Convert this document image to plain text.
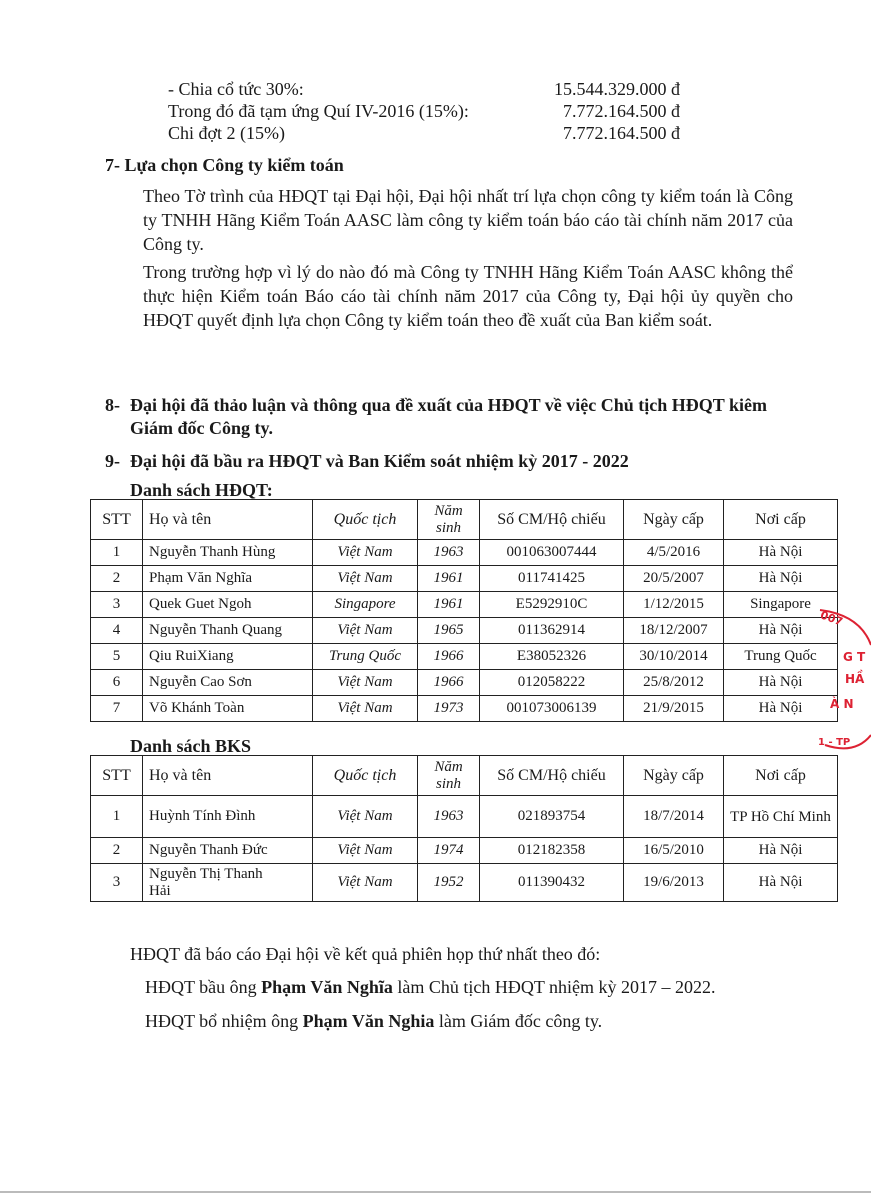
- Chia cổ tức 30%:	15.544.329.000 đ
Trong đó đã tạm ứng Quí IV-2016 (15%):	7.772.164.500 đ
Chi đợt 2 (15%)	7.772.164.500 đ
7- Lựa chọn Công ty kiểm toán
Theo Tờ trình của HĐQT tại Đại hội, Đại hội nhất trí lựa chọn công ty kiểm toán là Công ty TNHH Hãng Kiểm Toán AASC làm công ty kiểm toán báo cáo tài chính năm 2017 của Công ty.
Trong trường hợp vì lý do nào đó mà Công ty TNHH Hãng Kiểm Toán AASC không thể thực hiện Kiểm toán Báo cáo tài chính năm 2017 của Công ty, Đại hội ủy quyền cho HĐQT quyết định lựa chọn Công ty kiểm toán theo đề xuất của Ban kiểm soát.
8- Đại hội đã thảo luận và thông qua đề xuất của HĐQT về việc Chủ tịch HĐQT kiêm Giám đốc Công ty.
9- Đại hội đã bầu ra HĐQT và Ban Kiểm soát nhiệm kỳ 2017 - 2022
Danh sách HĐQT:
STT	Họ và tên	Quốc tịch	Năm sinh	Số CM/Hộ chiếu	Ngày cấp	Nơi cấp
1	Nguyễn Thanh Hùng	Việt Nam	1963	001063007444	4/5/2016	Hà Nội
2	Phạm Văn Nghĩa	Việt Nam	1961	011741425	20/5/2007	Hà Nội
3	Quek Guet Ngoh	Singapore	1961	E5292910C	1/12/2015	Singapore
4	Nguyễn Thanh Quang	Việt Nam	1965	011362914	18/12/2007	Hà Nội
5	Qiu RuiXiang	Trung Quốc	1966	E38052326	30/10/2014	Trung Quốc
6	Nguyễn Cao Sơn	Việt Nam	1966	012058222	25/8/2012	Hà Nội
7	Võ Khánh Toàn	Việt Nam	1973	001073006139	21/9/2015	Hà Nội
Danh sách BKS
STT	Họ và tên	Quốc tịch	Năm sinh	Số CM/Hộ chiếu	Ngày cấp	Nơi cấp
1	Huỳnh Tính Đình	Việt Nam	1963	021893754	18/7/2014	TP Hồ Chí Minh
2	Nguyễn Thanh Đức	Việt Nam	1974	012182358	16/5/2010	Hà Nội
3	Nguyễn Thị Thanh Hải	Việt Nam	1952	011390432	19/6/2013	Hà Nội
HĐQT đã báo cáo Đại hội về kết quả phiên họp thứ nhất theo đó:
HĐQT bầu ông Phạm Văn Nghĩa làm Chủ tịch HĐQT nhiệm kỳ 2017 – 2022.
HĐQT bổ nhiệm ông Phạm Văn Nghia làm Giám đốc công ty.
007
G T
HẦ
À N
1 - TP
